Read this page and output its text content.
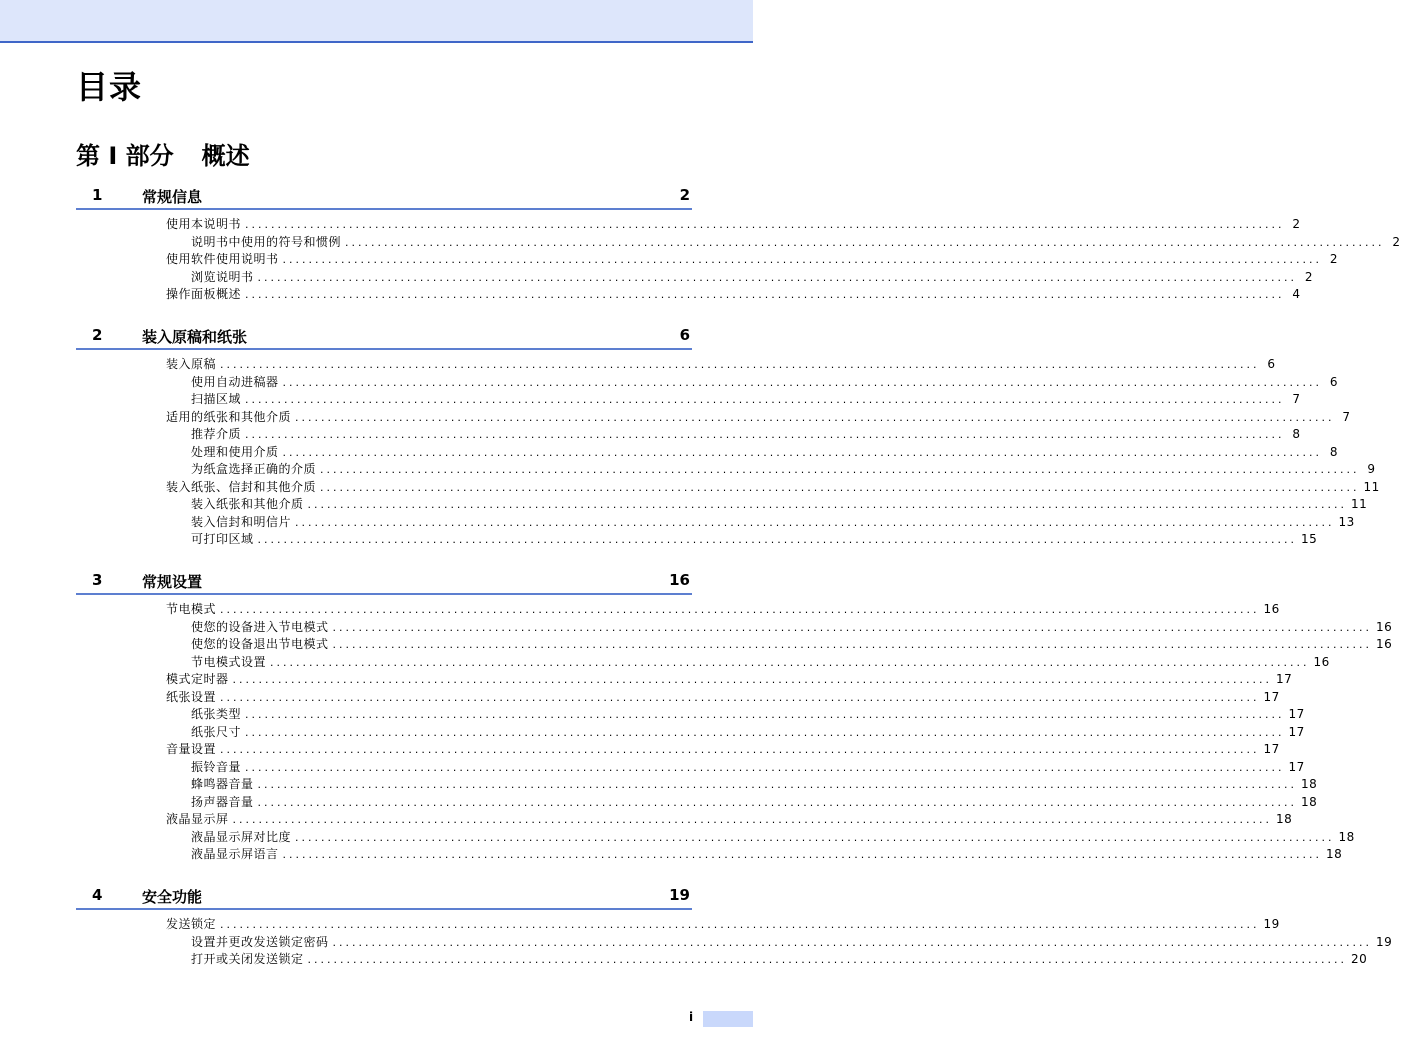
目录
第 I 部分 概述
1	常规信息	2
使用本说明书 ................................................................................................................................................................ 2
说明书中使用的符号和惯例 ................................................................................................................................................................ 2
使用软件使用说明书 ................................................................................................................................................................ 2
浏览说明书 ................................................................................................................................................................ 2
操作面板概述 ................................................................................................................................................................ 4
2	装入原稿和纸张	6
装入原稿 ................................................................................................................................................................ 6
使用自动进稿器 ................................................................................................................................................................ 6
扫描区域 ................................................................................................................................................................ 7
适用的纸张和其他介质 ................................................................................................................................................................ 7
推荐介质 ................................................................................................................................................................ 8
处理和使用介质 ................................................................................................................................................................ 8
为纸盒选择正确的介质 ................................................................................................................................................................ 9
装入纸张、信封和其他介质 ................................................................................................................................................................ 11
装入纸张和其他介质 ................................................................................................................................................................ 11
装入信封和明信片 ................................................................................................................................................................ 13
可打印区域 ................................................................................................................................................................ 15
3	常规设置	16
节电模式 ................................................................................................................................................................ 16
使您的设备进入节电模式 ................................................................................................................................................................ 16
使您的设备退出节电模式 ................................................................................................................................................................ 16
节电模式设置 ................................................................................................................................................................ 16
模式定时器 ................................................................................................................................................................ 17
纸张设置 ................................................................................................................................................................ 17
纸张类型 ................................................................................................................................................................ 17
纸张尺寸 ................................................................................................................................................................ 17
音量设置 ................................................................................................................................................................ 17
振铃音量 ................................................................................................................................................................ 17
蜂鸣器音量 ................................................................................................................................................................ 18
扬声器音量 ................................................................................................................................................................ 18
液晶显示屏 ................................................................................................................................................................ 18
液晶显示屏对比度 ................................................................................................................................................................ 18
液晶显示屏语言 ................................................................................................................................................................ 18
4	安全功能	19
发送锁定 ................................................................................................................................................................ 19
设置并更改发送锁定密码 ................................................................................................................................................................ 19
打开或关闭发送锁定 ................................................................................................................................................................ 20
i
